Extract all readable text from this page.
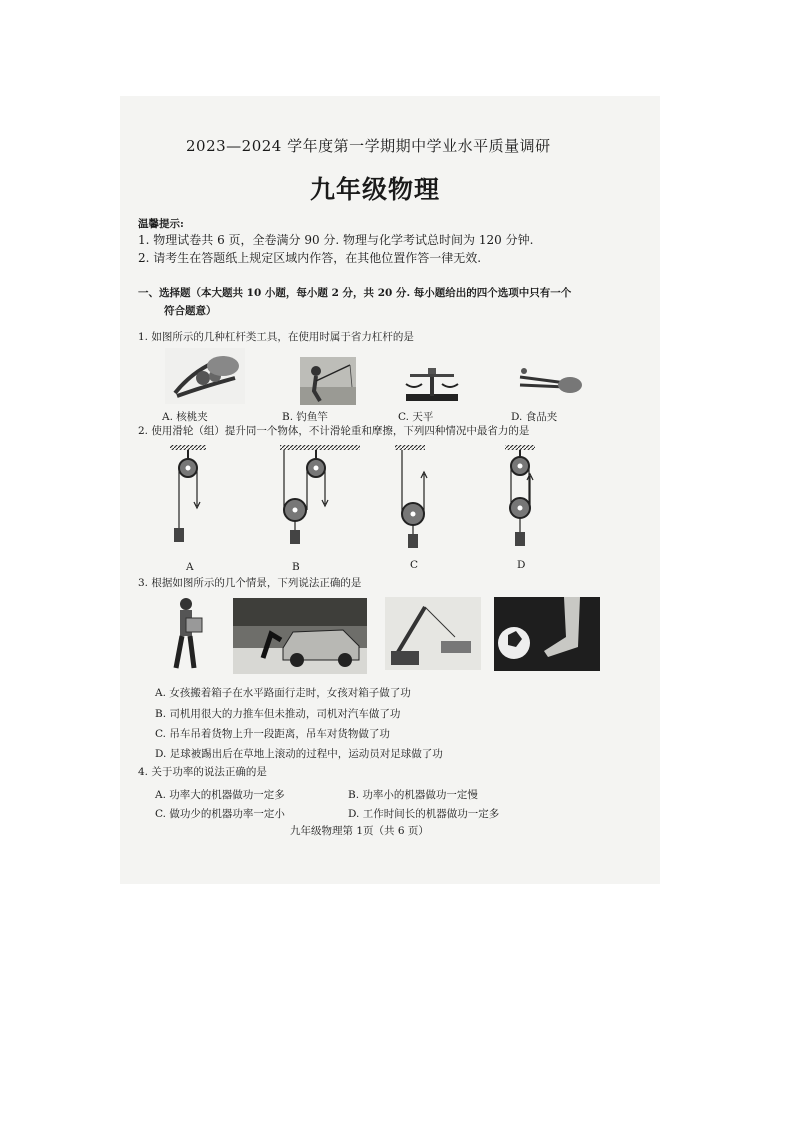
2023—2024 学年度第一学期期中学业水平质量调研
九年级物理
温馨提示:
1. 物理试卷共 6 页，全卷满分 90 分. 物理与化学考试总时间为 120 分钟.
2. 请考生在答题纸上规定区域内作答，在其他位置作答一律无效.
一、选择题（本大题共 10 小题，每小题 2 分，共 20 分. 每小题给出的四个选项中只有一个
符合题意）
1. 如图所示的几种杠杆类工具，在使用时属于省力杠杆的是
A. 核桃夹	B. 钓鱼竿	C. 天平	D. 食品夹
2. 使用滑轮（组）提升同一个物体，不计滑轮重和摩擦，下列四种情况中最省力的是
A	B	C	D
3. 根据如图所示的几个情景，下列说法正确的是
A. 女孩搬着箱子在水平路面行走时，女孩对箱子做了功
B. 司机用很大的力推车但未推动，司机对汽车做了功
C. 吊车吊着货物上升一段距离，吊车对货物做了功
D. 足球被踢出后在草地上滚动的过程中，运动员对足球做了功
4. 关于功率的说法正确的是
A. 功率大的机器做功一定多	B. 功率小的机器做功一定慢
C. 做功少的机器功率一定小	D. 工作时间长的机器做功一定多
九年级物理第 1页（共 6 页）
